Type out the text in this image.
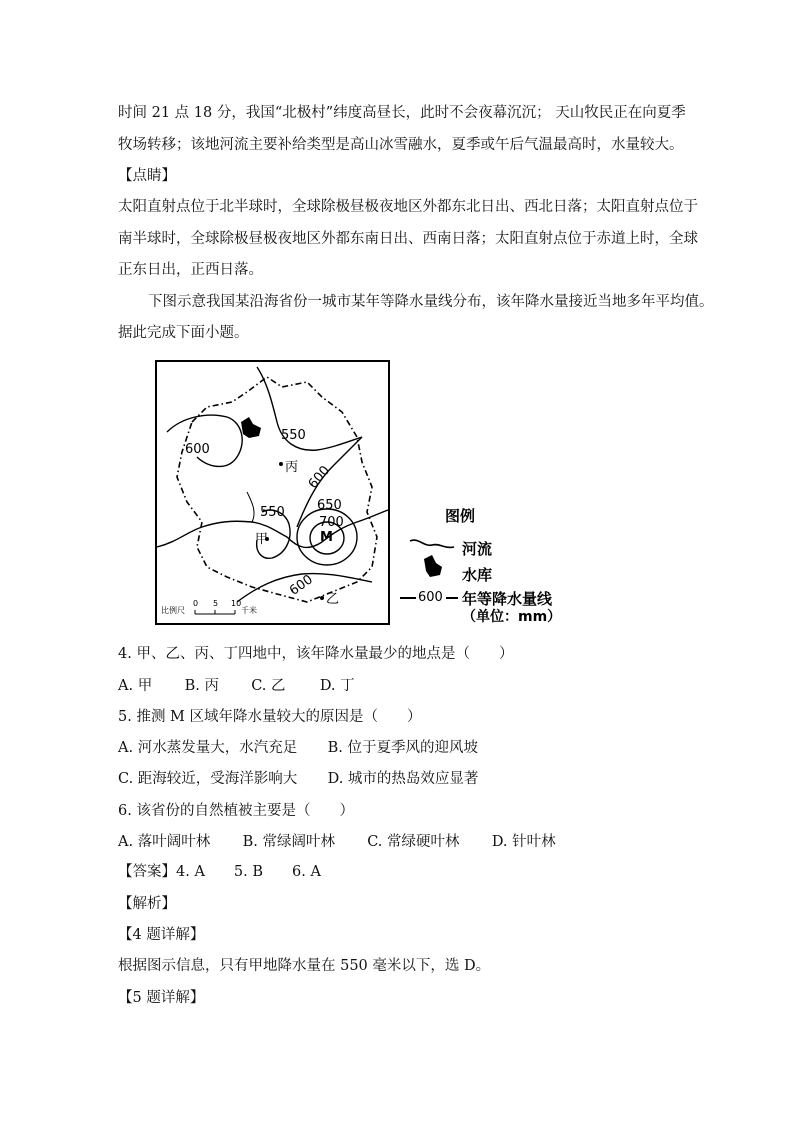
时间 21 点 18 分，我国“北极村”纬度高昼长，此时不会夜幕沉沉； 天山牧民正在向夏季
牧场转移；该地河流主要补给类型是高山冰雪融水，夏季或午后气温最高时，水量较大。
【点睛】
太阳直射点位于北半球时，全球除极昼极夜地区外都东北日出、西北日落；太阳直射点位于
南半球时，全球除极昼极夜地区外都东南日出、西南日落；太阳直射点位于赤道上时，全球
正东日出，正西日落。
下图示意我国某沿海省份一城市某年等降水量线分布，该年降水量接近当地多年平均值。
据此完成下面小题。
550
600
600
550 650
700
600
丙
甲	M
乙
比例尺
0 5 10
千米
图例
河流
水库
600 年等降水量线
（单位：mm）
4. 甲、乙、丙、丁四地中，该年降水量最少的地点是（　　）
A. 甲 B. 丙 C. 乙 D. 丁
5. 推测 M 区域年降水量较大的原因是（　　）
A. 河水蒸发量大，水汽充足 B. 位于夏季风的迎风坡
C. 距海较近，受海洋影响大 D. 城市的热岛效应显著
6. 该省份的自然植被主要是（　　）
A. 落叶阔叶林 B. 常绿阔叶林 C. 常绿硬叶林 D. 针叶林
【答案】4. A　　5. B　　6. A
【解析】
【4 题详解】
根据图示信息，只有甲地降水量在 550 毫米以下，选 D。
【5 题详解】
